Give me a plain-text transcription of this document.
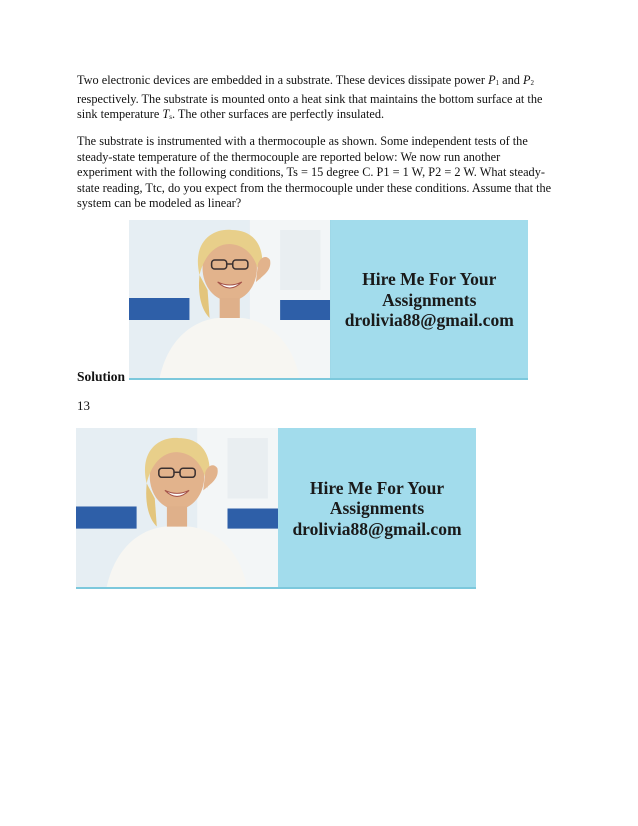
Two electronic devices are embedded in a substrate. These devices dissipate power $P_1$ and $P_2$
respectively. The substrate is mounted onto a heat sink that maintains the bottom surface at the
sink temperature $T_s$. The other surfaces are perfectly insulated.
The substrate is instrumented with a thermocouple as shown. Some independent tests of the
steady-state temperature of the thermocouple are reported below: We now run another
experiment with the following conditions, Ts = 15 degree C. P1 = 1 W, P2 = 2 W. What steady-
state reading, Ttc, do you expect from the thermocouple under these conditions. Assume that the
system can be modeled as linear?
Hire Me For Your
Assignments
drolivia88@gmail.com
Solution
13
Hire Me For Your
Assignments
drolivia88@gmail.com
